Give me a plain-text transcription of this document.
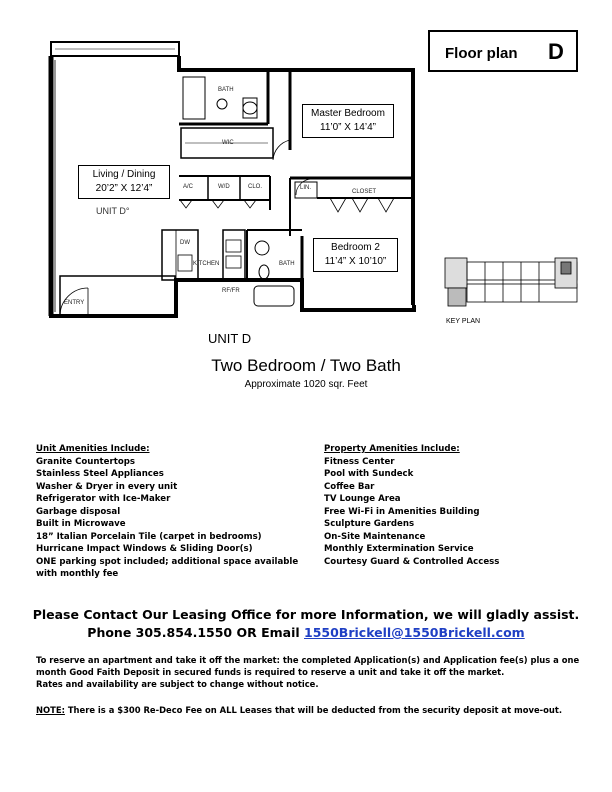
Floor plan D
Master Bedroom
11’0” X 14’4”
Living / Dining
20’2” X 12’4”
Bedroom 2
11’4” X 10’10”
BATH
WIC
A/C	W/D	CLO.	LIN.
CLOSET
DW
KITCHEN
RF/FR
BATH
ENTRY
UNIT D°
KEY PLAN
UNIT D
Two Bedroom / Two Bath
Approximate 1020 sqr. Feet
Unit Amenities Include:
Granite Countertops
Stainless Steel Appliances
Washer & Dryer in every unit
Refrigerator with Ice-Maker
Garbage disposal
Built in Microwave
18” Italian Porcelain Tile (carpet in bedrooms)
Hurricane Impact Windows & Sliding Door(s)
ONE parking spot included; additional space available
with monthly fee
Property Amenities Include:
Fitness Center
Pool with Sundeck
Coffee Bar
TV Lounge Area
Free Wi-Fi in Amenities Building
Sculpture Gardens
On-Site Maintenance
Monthly Extermination Service
Courtesy Guard & Controlled Access
Please Contact Our Leasing Office for more Information, we will gladly assist.
Phone 305.854.1550 OR Email 1550Brickell@1550Brickell.com
To reserve an apartment and take it off the market: the completed Application(s) and Application fee(s) plus a one month Good Faith Deposit in secured funds is required to reserve a unit and take it off the market.
Rates and availability are subject to change without notice.
NOTE: There is a $300 Re-Deco Fee on ALL Leases that will be deducted from the security deposit at move-out.
